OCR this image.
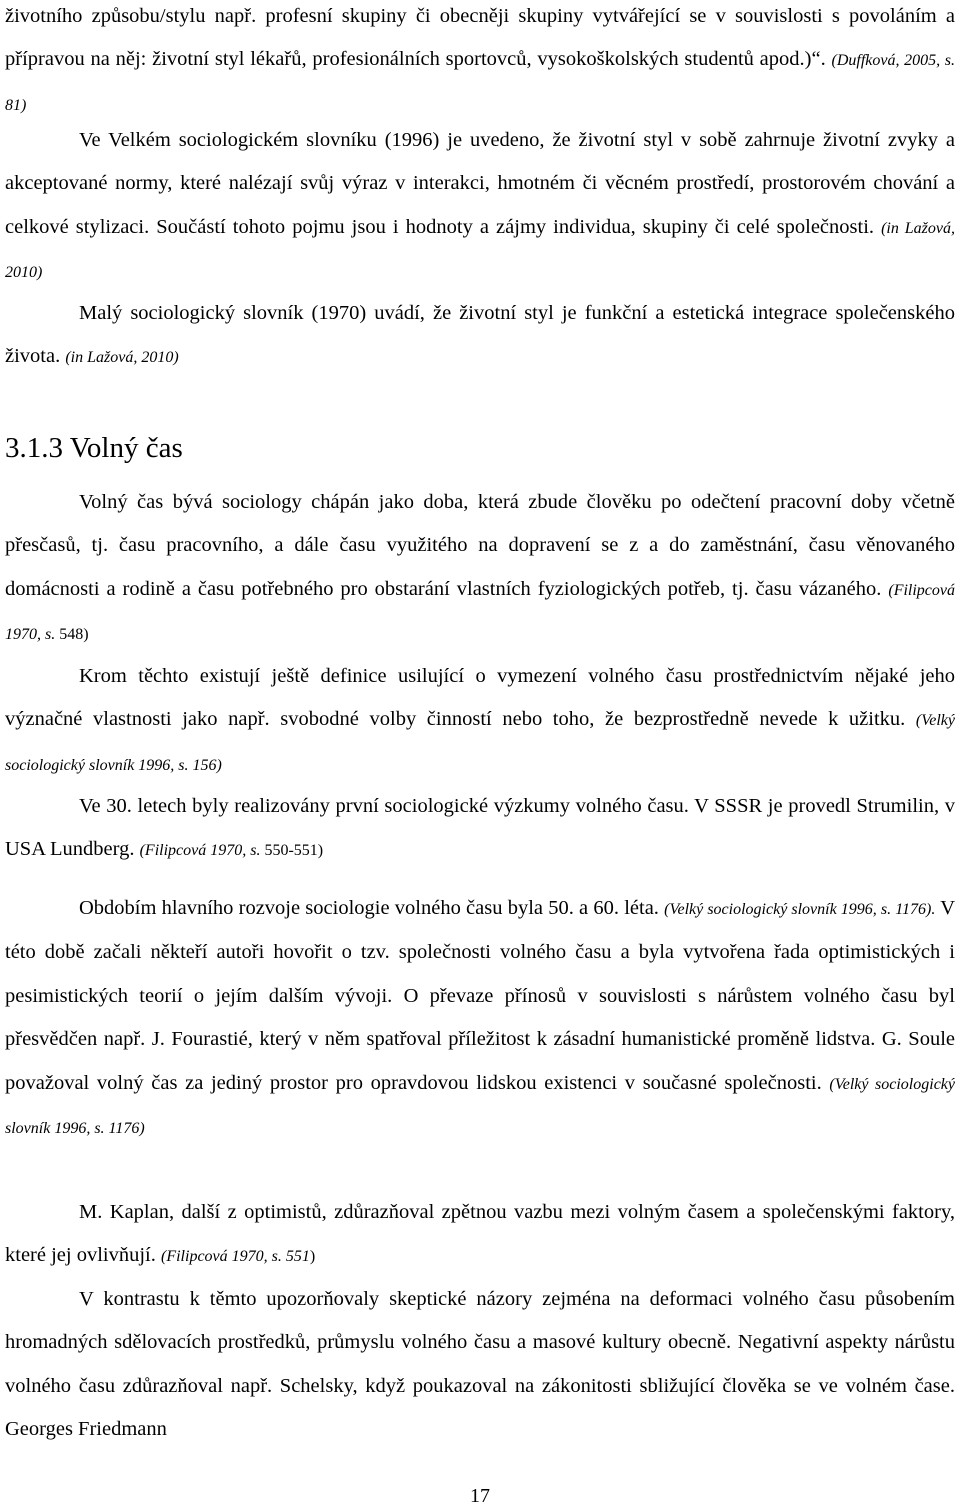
životního způsobu/stylu např. profesní skupiny či obecněji skupiny vytvářející se v souvislosti s povoláním a přípravou na něj: životní styl lékařů, profesionálních sportovců, vysokoškolských studentů apod.)“. (Duffková, 2005, s. 81)

Ve Velkém sociologickém slovníku (1996) je uvedeno, že životní styl v sobě zahrnuje životní zvyky a akceptované normy, které nalézají svůj výraz v interakci, hmotném či věcném prostředí, prostorovém chování a celkové stylizaci. Součástí tohoto pojmu jsou i hodnoty a zájmy individua, skupiny či celé společnosti. (in Lažová, 2010)

Malý sociologický slovník (1970) uvádí, že životní styl je funkční a estetická integrace společenského života. (in Lažová, 2010)

3.1.3 Volný čas

Volný čas bývá sociology chápán jako doba, která zbude člověku po odečtení pracovní doby včetně přesčasů, tj. času pracovního, a dále času využitého na dopravení se z a do zaměstnání, času věnovaného domácnosti a rodině a času potřebného pro obstarání vlastních fyziologických potřeb, tj. času vázaného. (Filipcová 1970, s. 548)

Krom těchto existují ještě definice usilující o vymezení volného času prostřednictvím nějaké jeho význačné vlastnosti jako např. svobodné volby činností nebo toho, že bezprostředně nevede k užitku. (Velký sociologický slovník 1996, s. 156)

Ve 30. letech byly realizovány první sociologické výzkumy volného času. V SSSR je provedl Strumilin, v USA Lundberg. (Filipcová 1970, s. 550-551)

Obdobím hlavního rozvoje sociologie volného času byla 50. a 60. léta. (Velký sociologický slovník 1996, s. 1176). V této době začali někteří autoři hovořit o tzv. společnosti volného času a byla vytvořena řada optimistických i pesimistických teorií o jejím dalším vývoji. O převaze přínosů v souvislosti s nárůstem volného času byl přesvědčen např. J. Fourastié, který v něm spatřoval příležitost k zásadní humanistické proměně lidstva. G. Soule považoval volný čas za jediný prostor pro opravdovou lidskou existenci v současné společnosti. (Velký sociologický slovník 1996, s. 1176)

M. Kaplan, další z optimistů, zdůrazňoval zpětnou vazbu mezi volným časem a společenskými faktory, které jej ovlivňují. (Filipcová 1970, s. 551)

V kontrastu k těmto upozorňovaly skeptické názory zejména na deformaci volného času působením hromadných sdělovacích prostředků, průmyslu volného času a masové kultury obecně. Negativní aspekty nárůstu volného času zdůrazňoval např. Schelsky, když poukazoval na zákonitosti sbližující člověka se ve volném čase. Georges Friedmann

17
